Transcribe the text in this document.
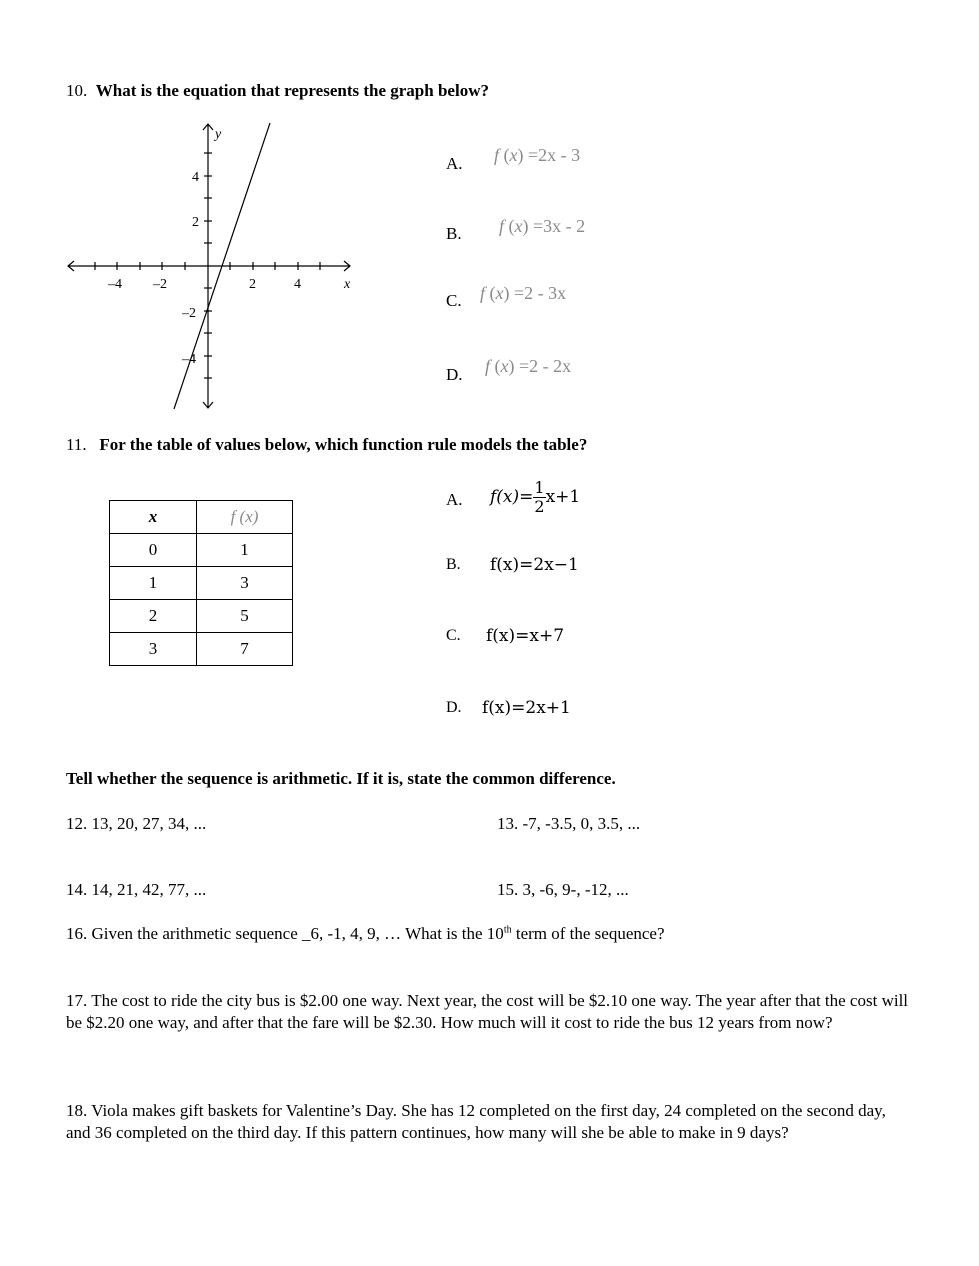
10. What is the equation that represents the graph below?
y
x
–4 –2	2	4
4
2
–2
–4
A. f (x) =2x - 3
B. f (x) =3x - 2
C. f (x) =2 - 3x
D. f (x) =2 - 2x
11. For the table of values below, which function rule models the table?
x	f (x)
0	1
1	3
2	5
3	7
A. $f(x)= \frac{1}{2} x+1$
B. f(x)=2x−1
C. f(x)=x+7
D. f(x)=2x+1
Tell whether the sequence is arithmetic. If it is, state the common difference.
12. 13, 20, 27, 34, ...	13. -7, -3.5, 0, 3.5, ...
14. 14, 21, 42, 77, ...	15. 3, -6, 9-, -12, ...
16. Given the arithmetic sequence _6, -1, 4, 9, … What is the 10th term of the sequence?
17. The cost to ride the city bus is $2.00 one way. Next year, the cost will be $2.10 one way. The year after that the cost will be $2.20 one way, and after that the fare will be $2.30. How much will it cost to ride the bus 12 years from now?
18. Viola makes gift baskets for Valentine’s Day. She has 12 completed on the first day, 24 completed on the second day, and 36 completed on the third day. If this pattern continues, how many will she be able to make in 9 days?
